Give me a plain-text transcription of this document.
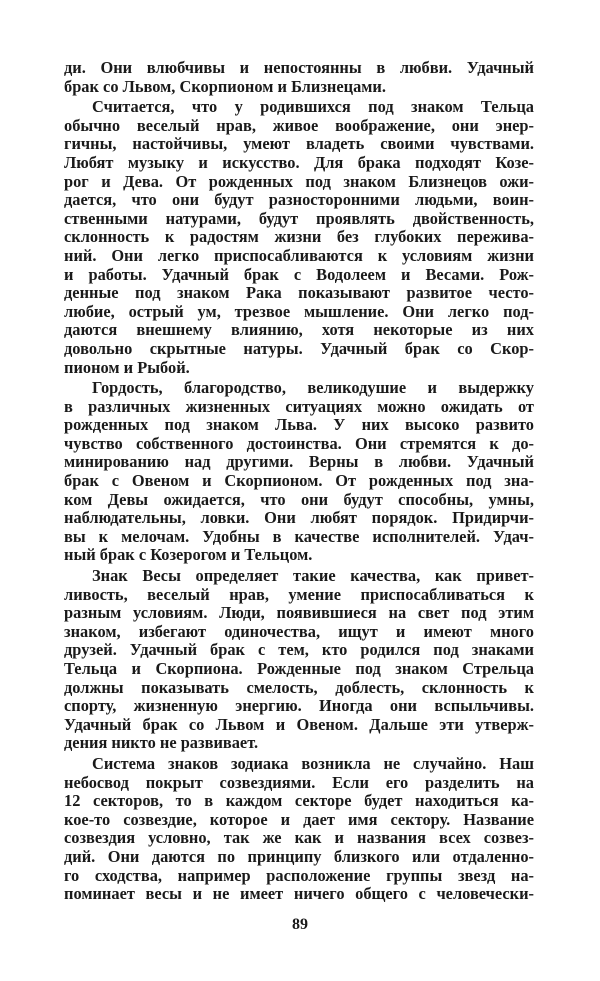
ди. Они влюбчивы и непостоянны в любви. Удачный
брак со Львом, Скорпионом и Близнецами.
Считается, что у родившихся под знаком Тельца
обычно веселый нрав, живое воображение, они энер-
гичны, настойчивы, умеют владеть своими чувствами.
Любят музыку и искусство. Для брака подходят Козе-
рог и Дева. От рожденных под знаком Близнецов ожи-
дается, что они будут разносторонними людьми, воин-
ственными натурами, будут проявлять двойственность,
склонность к радостям жизни без глубоких пережива-
ний. Они легко приспосабливаются к условиям жизни
и работы. Удачный брак с Водолеем и Весами. Рож-
денные под знаком Рака показывают развитое често-
любие, острый ум, трезвое мышление. Они легко под-
даются внешнему влиянию, хотя некоторые из них
довольно скрытные натуры. Удачный брак со Скор-
пионом и Рыбой.
Гордость, благородство, великодушие и выдержку
в различных жизненных ситуациях можно ожидать от
рожденных под знаком Льва. У них высоко развито
чувство собственного достоинства. Они стремятся к до-
минированию над другими. Верны в любви. Удачный
брак с Овеном и Скорпионом. От рожденных под зна-
ком Девы ожидается, что они будут способны, умны,
наблюдательны, ловки. Они любят порядок. Придирчи-
вы к мелочам. Удобны в качестве исполнителей. Удач-
ный брак с Козерогом и Тельцом.
Знак Весы определяет такие качества, как привет-
ливость, веселый нрав, умение приспосабливаться к
разным условиям. Люди, появившиеся на свет под этим
знаком, избегают одиночества, ищут и имеют много
друзей. Удачный брак с тем, кто родился под знаками
Тельца и Скорпиона. Рожденные под знаком Стрельца
должны показывать смелость, доблесть, склонность к
спорту, жизненную энергию. Иногда они вспыльчивы.
Удачный брак со Львом и Овеном. Дальше эти утверж-
дения никто не развивает.
Система знаков зодиака возникла не случайно. Наш
небосвод покрыт созвездиями. Если его разделить на
12 секторов, то в каждом секторе будет находиться ка-
кое-то созвездие, которое и дает имя сектору. Название
созвездия условно, так же как и названия всех созвез-
дий. Они даются по принципу близкого или отдаленно-
го сходства, например расположение группы звезд на-
поминает весы и не имеет ничего общего с человечески-
89
